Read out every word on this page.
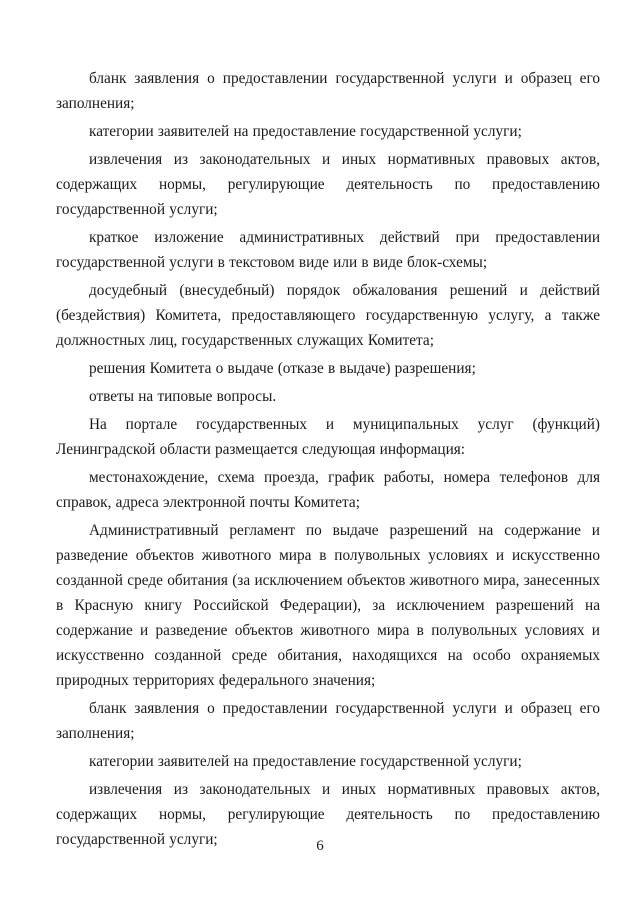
бланк заявления о предоставлении государственной услуги и образец его заполнения;

категории заявителей на предоставление государственной услуги;

извлечения из законодательных и иных нормативных правовых актов, содержащих нормы, регулирующие деятельность по предоставлению государственной услуги;

краткое изложение административных действий при предоставлении государственной услуги в текстовом виде или в виде блок-схемы;

досудебный (внесудебный) порядок обжалования решений и действий (бездействия) Комитета, предоставляющего государственную услугу, а также должностных лиц, государственных служащих Комитета;

решения Комитета о выдаче (отказе в выдаче) разрешения;

ответы на типовые вопросы.

На портале государственных и муниципальных услуг (функций) Ленинградской области размещается следующая информация:

местонахождение, схема проезда, график работы, номера телефонов для справок, адреса электронной почты Комитета;

Административный регламент по выдаче разрешений на содержание и разведение объектов животного мира в полувольных условиях и искусственно созданной среде обитания (за исключением объектов животного мира, занесенных в Красную книгу Российской Федерации), за исключением разрешений на содержание и разведение объектов животного мира в полувольных условиях и искусственно созданной среде обитания, находящихся на особо охраняемых природных территориях федерального значения;

бланк заявления о предоставлении государственной услуги и образец его заполнения;

категории заявителей на предоставление государственной услуги;

извлечения из законодательных и иных нормативных правовых актов, содержащих нормы, регулирующие деятельность по предоставлению государственной услуги;	6
